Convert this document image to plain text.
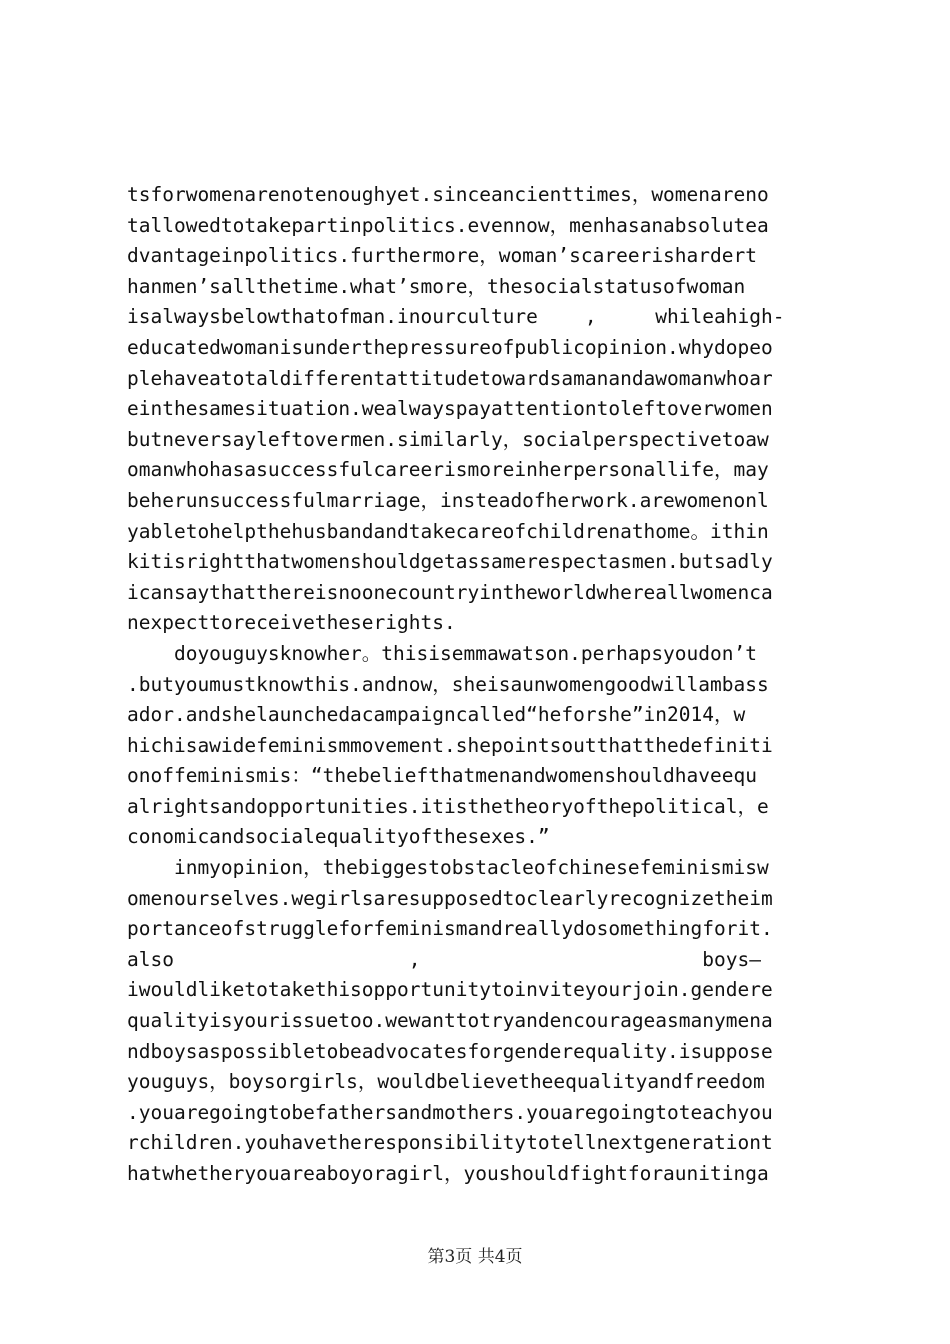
tsforwomenarenotenoughyet.sinceancienttimes，womenareno
tallowedtotakepartinpolitics.evennow，menhasanabsolutea
dvantageinpolitics.furthermore，woman’scareerishardert
hanmen’sallthetime.what’smore，thesocialstatusofwoman
isalwaysbelowthatofman.inourculture    ,     whileahigh-
educatedwomanisunderthepressureofpublicopinion.whydopeo
plehaveatotaldifferentattitudetowardsamanandawomanwhoar
einthesamesituation.wealwayspayattentiontoleftoverwomen
butneversayleftovermen.similarly，socialperspectivetoaw
omanwhohasasuccessfulcareerismoreinherpersonallife，may
beherunsuccessfulmarriage，insteadofherwork.arewomenonl
yabletohelpthehusbandandtakecareofchildrenathome。ithin
kitisrightthatwomenshouldgetassamerespectasmen.butsadly
icansaythatthereisnoonecountryintheworldwhereallwomenca
nexpecttoreceivetheserights.
doyouguysknowher。thisisemmawatson.perhapsyoudon’t
.butyoumustknowthis.andnow，sheisaunwomengoodwillambass
ador.andshelaunchedacampaigncalled“heforshe”in2014，w
hichisawidefeminismmovement.shepointsoutthatthedefiniti
onoffeminismis：“thebeliefthatmenandwomenshouldhaveequ
alrightsandopportunities.itisthetheoryofthepolitical，e
conomicandsocialequalityofthesexes.”
inmyopinion，thebiggestobstacleofchinesefeminismisw
omenourselves.wegirlsaresupposedtoclearlyrecognizetheim
portanceofstruggleforfeminismandreallydosomethingforit.
also                    ,                        boys—
iwouldliketotakethisopportunitytoinviteyourjoin.gendere
qualityisyourissuetoo.wewanttotryandencourageasmanymena
ndboysaspossibletobeadvocatesforgenderequality.isuppose
youguys，boysorgirls，wouldbelievetheequalityandfreedom
.youaregoingtobefathersandmothers.youaregoingtoteachyou
rchildren.youhavetheresponsibilitytotellnextgenerationt
hatwhetheryouareaboyoragirl，youshouldfightforaunitinga
第3页 共4页
